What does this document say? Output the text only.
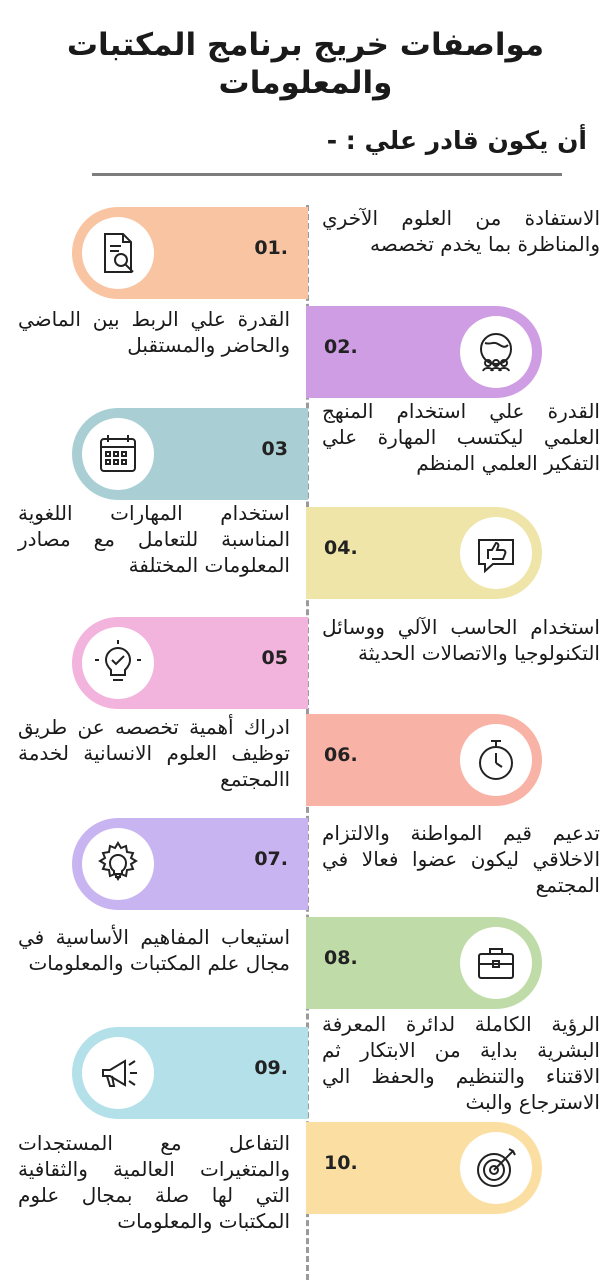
مواصفات خريج برنامج المكتبات
والمعلومات
أن يكون قادر علي : -
01.
الاستفادة من العلوم الآخري والمناظرة بما يخدم تخصصه
02.
القدرة علي الربط بين الماضي والحاضر والمستقبل
03
القدرة علي استخدام المنهج العلمي ليكتسب المهارة علي التفكير العلمي المنظم
04.
استخدام المهارات اللغوية المناسبة للتعامل مع مصادر المعلومات المختلفة
05
استخدام الحاسب الآلي ووسائل التكنولوجيا والاتصالات الحديثة
06.
ادراك أهمية تخصصه عن طريق توظيف العلوم الانسانية لخدمة االمجتمع
07.
تدعيم قيم المواطنة والالتزام الاخلاقي ليكون عضوا فعالا في المجتمع
08.
استيعاب المفاهيم الأساسية في مجال علم المكتبات والمعلومات
09.
الرؤية الكاملة لدائرة المعرفة البشرية بداية من الابتكار ثم الاقتناء والتنظيم والحفظ الي الاسترجاع والبث
10.
التفاعل مع المستجدات والمتغيرات العالمية والثقافية التي لها صلة بمجال علوم المكتبات والمعلومات
